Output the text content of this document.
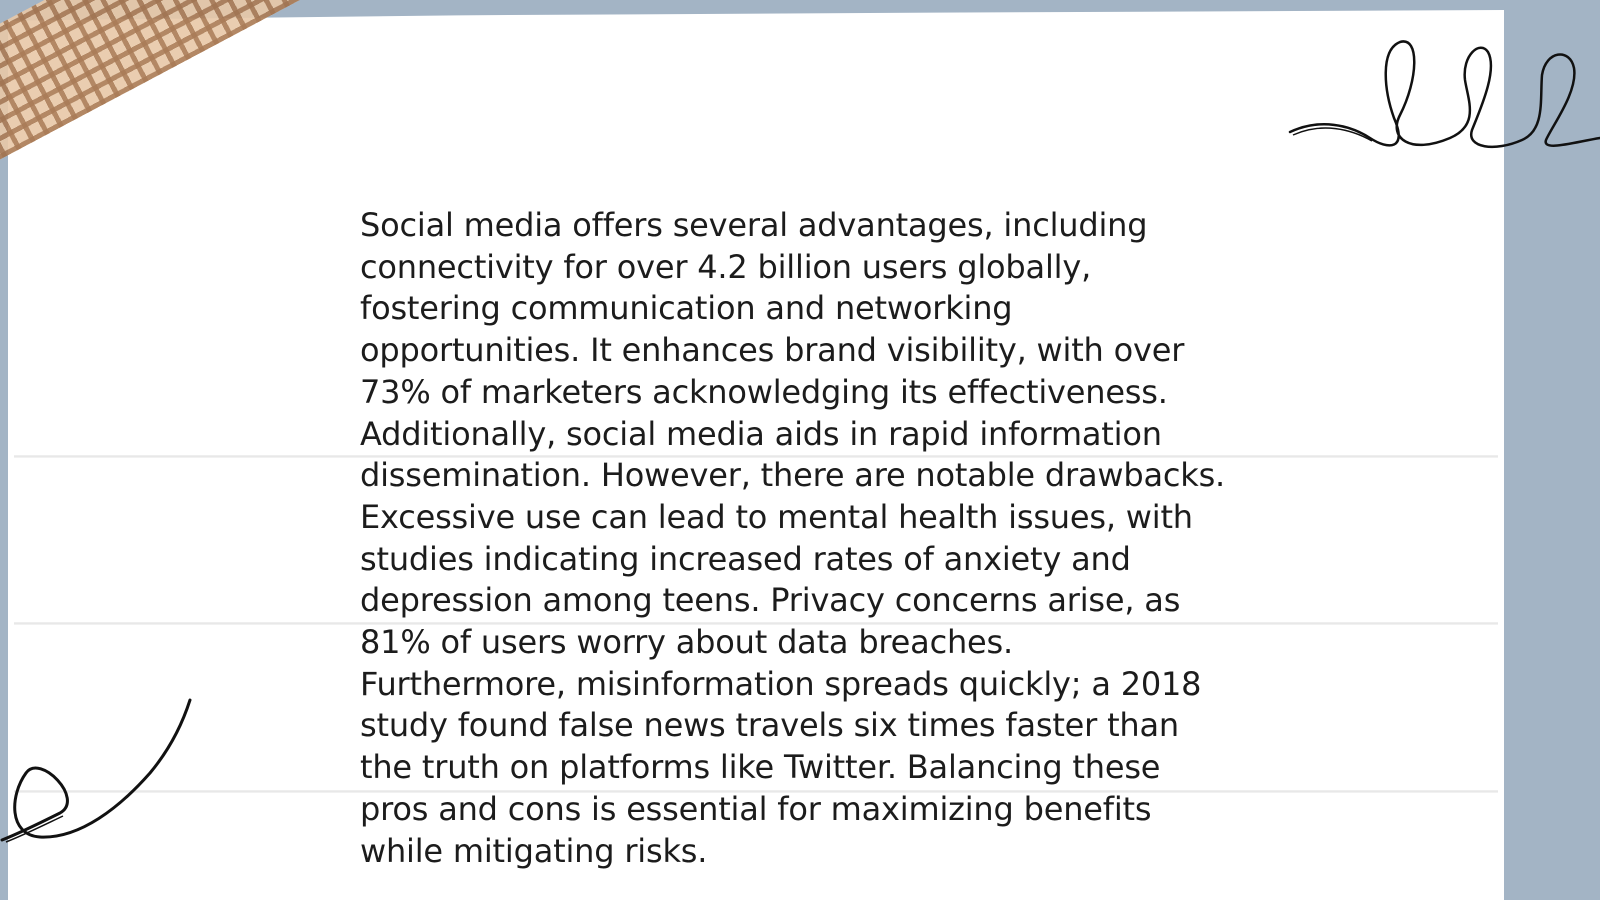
Social media offers several advantages, including
connectivity for over 4.2 billion users globally,
fostering communication and networking
opportunities. It enhances brand visibility, with over
73% of marketers acknowledging its effectiveness.
Additionally, social media aids in rapid information
dissemination. However, there are notable drawbacks.
Excessive use can lead to mental health issues, with
studies indicating increased rates of anxiety and
depression among teens. Privacy concerns arise, as
81% of users worry about data breaches.
Furthermore, misinformation spreads quickly; a 2018
study found false news travels six times faster than
the truth on platforms like Twitter. Balancing these
pros and cons is essential for maximizing benefits
while mitigating risks.
